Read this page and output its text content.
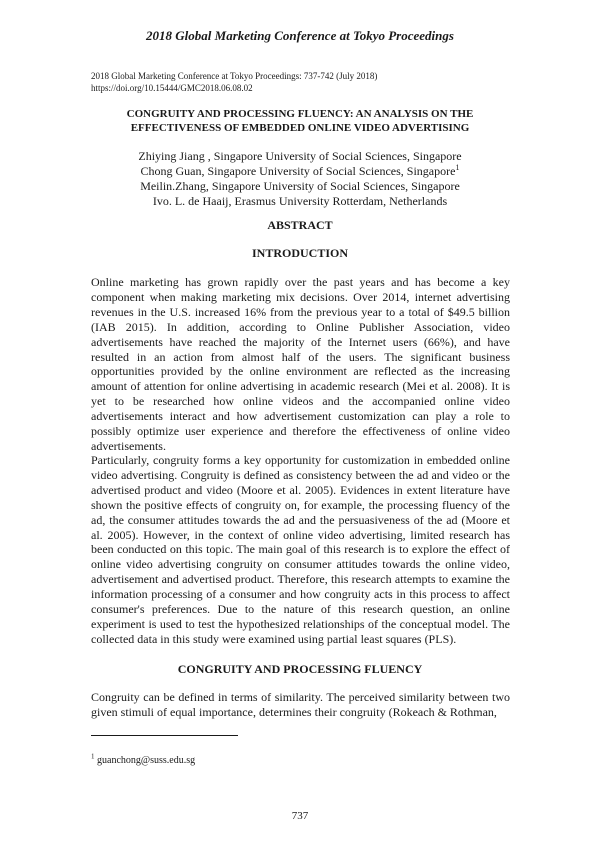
2018 Global Marketing Conference at Tokyo Proceedings
2018 Global Marketing Conference at Tokyo Proceedings: 737-742 (July 2018)
https://doi.org/10.15444/GMC2018.06.08.02
CONGRUITY AND PROCESSING FLUENCY: AN ANALYSIS ON THE
EFFECTIVENESS OF EMBEDDED ONLINE VIDEO ADVERTISING
Zhiying Jiang , Singapore University of Social Sciences, Singapore
Chong Guan, Singapore University of Social Sciences, Singapore$^1$
Meilin.Zhang, Singapore University of Social Sciences, Singapore
Ivo. L. de Haaij, Erasmus University Rotterdam, Netherlands
ABSTRACT
INTRODUCTION

Online marketing has grown rapidly over the past years and has become a key component when making marketing mix decisions. Over 2014, internet advertising revenues in the U.S. increased 16% from the previous year to a total of $49.5 billion (IAB 2015). In addition, according to Online Publisher Association, video advertisements have reached the majority of the Internet users (66%), and have resulted in an action from almost half of the users. The significant business opportunities provided by the online environment are reflected as the increasing amount of attention for online advertising in academic research (Mei et al. 2008). It is yet to be researched how online videos and the accompanied online video advertisements interact and how advertisement customization can play a role to possibly optimize user experience and therefore the effectiveness of online video advertisements.

Particularly, congruity forms a key opportunity for customization in embedded online video advertising. Congruity is defined as consistency between the ad and video or the advertised product and video (Moore et al. 2005). Evidences in extent literature have shown the positive effects of congruity on, for example, the processing fluency of the ad, the consumer attitudes towards the ad and the persuasiveness of the ad (Moore et al. 2005). However, in the context of online video advertising, limited research has been conducted on this topic. The main goal of this research is to explore the effect of online video advertising congruity on consumer attitudes towards the online video, advertisement and advertised product. Therefore, this research attempts to examine the information processing of a consumer and how congruity acts in this process to affect consumer's preferences. Due to the nature of this research question, an online experiment is used to test the hypothesized relationships of the conceptual model. The collected data in this study were examined using partial least squares (PLS).

CONGRUITY AND PROCESSING FLUENCY

Congruity can be defined in terms of similarity. The perceived similarity between two given stimuli of equal importance, determines their congruity (Rokeach & Rothman,

$^1$ guanchong@suss.edu.sg
737
